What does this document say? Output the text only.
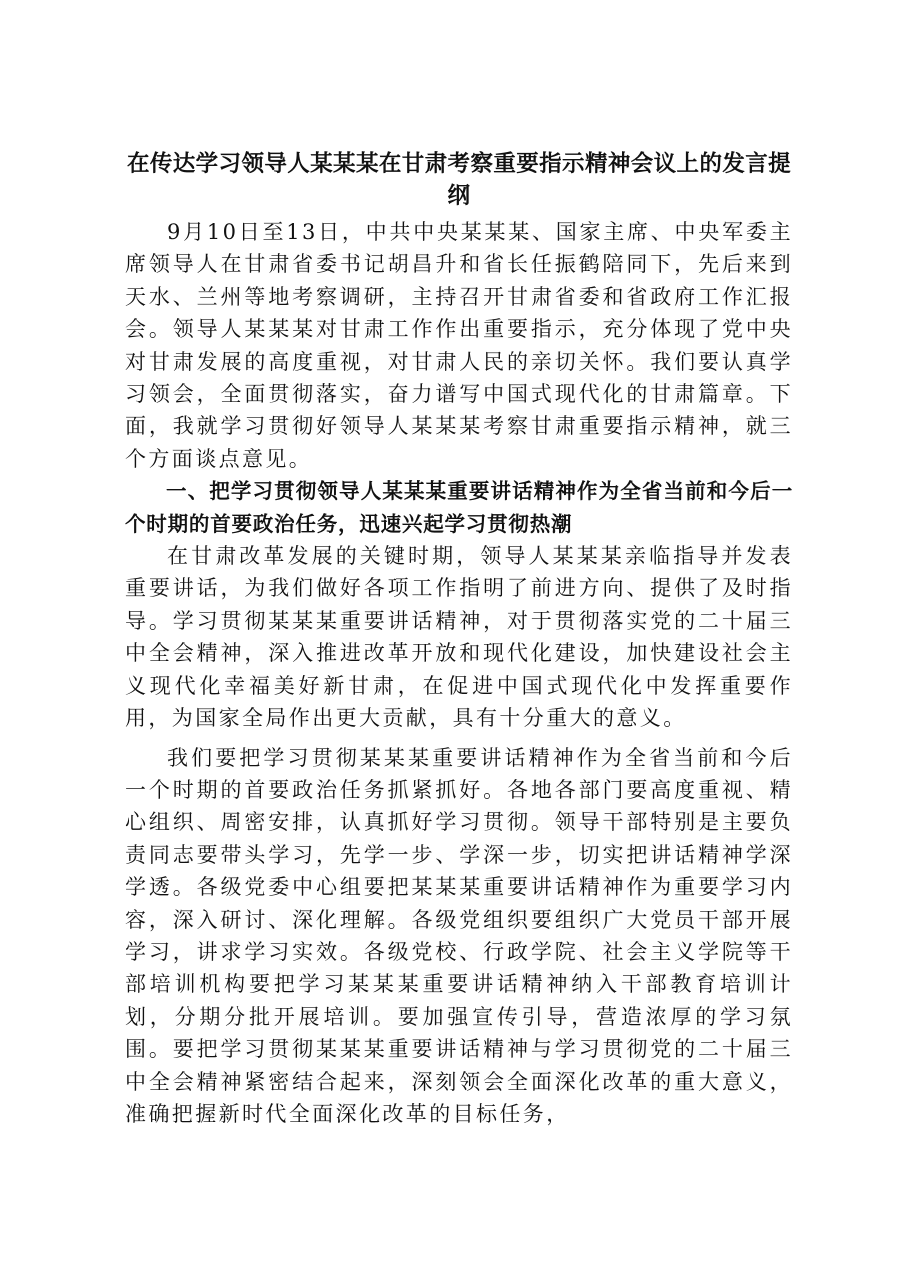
在传达学习领导人某某某在甘肃考察重要指示精神会议上的发言提纲

9月10日至13日，中共中央某某某、国家主席、中央军委主席领导人在甘肃省委书记胡昌升和省长任振鹤陪同下，先后来到天水、兰州等地考察调研，主持召开甘肃省委和省政府工作汇报会。领导人某某某对甘肃工作作出重要指示，充分体现了党中央对甘肃发展的高度重视，对甘肃人民的亲切关怀。我们要认真学习领会，全面贯彻落实，奋力谱写中国式现代化的甘肃篇章。下面，我就学习贯彻好领导人某某某考察甘肃重要指示精神，就三个方面谈点意见。

一、把学习贯彻领导人某某某重要讲话精神作为全省当前和今后一个时期的首要政治任务，迅速兴起学习贯彻热潮

在甘肃改革发展的关键时期，领导人某某某亲临指导并发表重要讲话，为我们做好各项工作指明了前进方向、提供了及时指导。学习贯彻某某某重要讲话精神，对于贯彻落实党的二十届三中全会精神，深入推进改革开放和现代化建设，加快建设社会主义现代化幸福美好新甘肃，在促进中国式现代化中发挥重要作用，为国家全局作出更大贡献，具有十分重大的意义。

我们要把学习贯彻某某某重要讲话精神作为全省当前和今后一个时期的首要政治任务抓紧抓好。各地各部门要高度重视、精心组织、周密安排，认真抓好学习贯彻。领导干部特别是主要负责同志要带头学习，先学一步、学深一步，切实把讲话精神学深学透。各级党委中心组要把某某某重要讲话精神作为重要学习内容，深入研讨、深化理解。各级党组织要组织广大党员干部开展学习，讲求学习实效。各级党校、行政学院、社会主义学院等干部培训机构要把学习某某某重要讲话精神纳入干部教育培训计划，分期分批开展培训。要加强宣传引导，营造浓厚的学习氛围。要把学习贯彻某某某重要讲话精神与学习贯彻党的二十届三中全会精神紧密结合起来，深刻领会全面深化改革的重大意义，准确把握新时代全面深化改革的目标任务，
